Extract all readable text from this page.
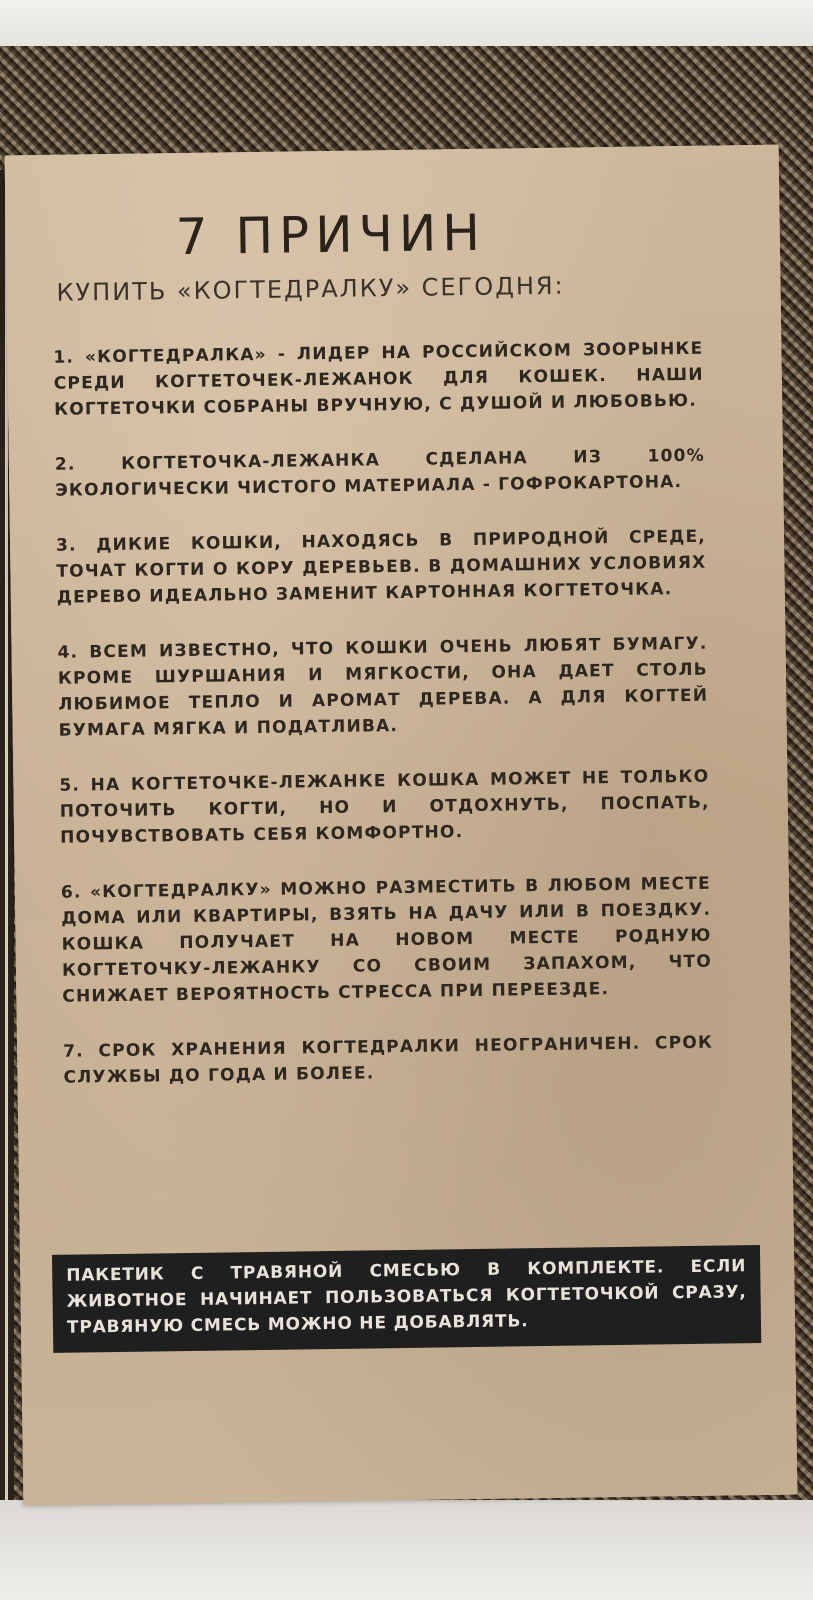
7 ПРИЧИН

КУПИТЬ «КОГТЕДРАЛКУ» СЕГОДНЯ:

1. «КОГТЕДРАЛКА» - ЛИДЕР НА РОССИЙСКОМ ЗООРЫНКЕ СРЕДИ КОГТЕТОЧЕК-ЛЕЖАНОК ДЛЯ КОШЕК. НАШИ КОГТЕТОЧКИ СОБРАНЫ ВРУЧНУЮ, С ДУШОЙ И ЛЮБОВЬЮ.
2. КОГТЕТОЧКА-ЛЕЖАНКА СДЕЛАНА ИЗ 100% ЭКОЛОГИЧЕСКИ ЧИСТОГО МАТЕРИАЛА - ГОФРОКАРТОНА.
3. ДИКИЕ КОШКИ, НАХОДЯСЬ В ПРИРОДНОЙ СРЕДЕ, ТОЧАТ КОГТИ О КОРУ ДЕРЕВЬЕВ. В ДОМАШНИХ УСЛОВИЯХ ДЕРЕВО ИДЕАЛЬНО ЗАМЕНИТ КАРТОННАЯ КОГТЕТОЧКА.
4. ВСЕМ ИЗВЕСТНО, ЧТО КОШКИ ОЧЕНЬ ЛЮБЯТ БУМАГУ. КРОМЕ ШУРШАНИЯ И МЯГКОСТИ, ОНА ДАЕТ СТОЛЬ ЛЮБИМОЕ ТЕПЛО И АРОМАТ ДЕРЕВА. А ДЛЯ КОГТЕЙ БУМАГА МЯГКА И ПОДАТЛИВА.
5. НА КОГТЕТОЧКЕ-ЛЕЖАНКЕ КОШКА МОЖЕТ НЕ ТОЛЬКО ПОТОЧИТЬ КОГТИ, НО И ОТДОХНУТЬ, ПОСПАТЬ, ПОЧУВСТВОВАТЬ СЕБЯ КОМФОРТНО.
6. «КОГТЕДРАЛКУ» МОЖНО РАЗМЕСТИТЬ В ЛЮБОМ МЕСТЕ ДОМА ИЛИ КВАРТИРЫ, ВЗЯТЬ НА ДАЧУ ИЛИ В ПОЕЗДКУ. КОШКА ПОЛУЧАЕТ НА НОВОМ МЕСТЕ РОДНУЮ КОГТЕТОЧКУ-ЛЕЖАНКУ СО СВОИМ ЗАПАХОМ, ЧТО СНИЖАЕТ ВЕРОЯТНОСТЬ СТРЕССА ПРИ ПЕРЕЕЗДЕ.
7. СРОК ХРАНЕНИЯ КОГТЕДРАЛКИ НЕОГРАНИЧЕН. СРОК СЛУЖБЫ ДО ГОДА И БОЛЕЕ.
ПАКЕТИК С ТРАВЯНОЙ СМЕСЬЮ В КОМПЛЕКТЕ. ЕСЛИ ЖИВОТНОЕ НАЧИНАЕТ ПОЛЬЗОВАТЬСЯ КОГТЕТОЧКОЙ СРАЗУ, ТРАВЯНУЮ СМЕСЬ МОЖНО НЕ ДОБАВЛЯТЬ.
